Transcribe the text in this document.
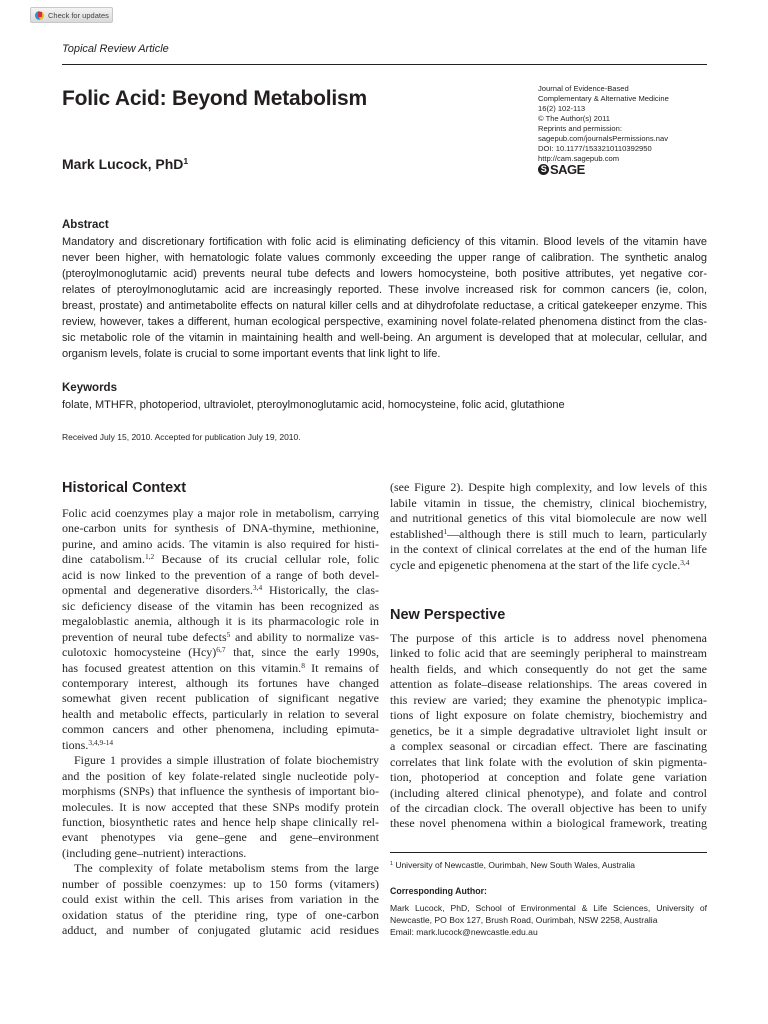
Check for updates
Topical Review Article
Folic Acid: Beyond Metabolism
Mark Lucock, PhD$^1$
Journal of Evidence-Based
Complementary & Alternative Medicine
16(2) 102-113
© The Author(s) 2011
Reprints and permission:
sagepub.com/journalsPermissions.nav
DOI: 10.1177/1533210110392950
http://cam.sagepub.com
S SAGE
Abstract
Mandatory and discretionary fortification with folic acid is eliminating deficiency of this vitamin. Blood levels of the vitamin have
never been higher, with hematologic folate values commonly exceeding the upper range of calibration. The synthetic analog
(pteroylmonoglutamic acid) prevents neural tube defects and lowers homocysteine, both positive attributes, yet negative cor-
relates of pteroylmonoglutamic acid are increasingly reported. These involve increased risk for common cancers (ie, colon,
breast, prostate) and antimetabolite effects on natural killer cells and at dihydrofolate reductase, a critical gatekeeper enzyme. This
review, however, takes a different, human ecological perspective, examining novel folate-related phenomena distinct from the clas-
sic metabolic role of the vitamin in maintaining health and well-being. An argument is developed that at molecular, cellular, and
organism levels, folate is crucial to some important events that link light to life.
Keywords
folate, MTHFR, photoperiod, ultraviolet, pteroylmonoglutamic acid, homocysteine, folic acid, glutathione
Received July 15, 2010. Accepted for publication July 19, 2010.
Historical Context
Folic acid coenzymes play a major role in metabolism, carrying
one-carbon units for synthesis of DNA-thymine, methionine,
purine, and amino acids. The vitamin is also required for histi-
dine catabolism.$^{1,2}$ Because of its crucial cellular role, folic
acid is now linked to the prevention of a range of both devel-
opmental and degenerative disorders.$^{3,4}$ Historically, the clas-
sic deficiency disease of the vitamin has been recognized as
megaloblastic anemia, although it is its pharmacologic role in
prevention of neural tube defects$^5$ and ability to normalize vas-
culotoxic homocysteine (Hcy)$^{6,7}$ that, since the early 1990s,
has focused greatest attention on this vitamin.$^8$ It remains of
contemporary interest, although its fortunes have changed
somewhat given recent publication of significant negative
health and metabolic effects, particularly in relation to several
common cancers and other phenomena, including epimuta-
tions.$^{3,4,9-14}$
Figure 1 provides a simple illustration of folate biochemistry
and the position of key folate-related single nucleotide poly-
morphisms (SNPs) that influence the synthesis of important bio-
molecules. It is now accepted that these SNPs modify protein
function, biosynthetic rates and hence help shape clinically rel-
evant phenotypes via gene–gene and gene–environment
(including gene–nutrient) interactions.
The complexity of folate metabolism stems from the large
number of possible coenzymes: up to 150 forms (vitamers)
could exist within the cell. This arises from variation in the
oxidation status of the pteridine ring, type of one-carbon
adduct, and number of conjugated glutamic acid residues
(see Figure 2). Despite high complexity, and low levels of this
labile vitamin in tissue, the chemistry, clinical biochemistry,
and nutritional genetics of this vital biomolecule are now well
established$^1$—although there is still much to learn, particularly
in the context of clinical correlates at the end of the human life
cycle and epigenetic phenomena at the start of the life cycle.$^{3,4}$
New Perspective
The purpose of this article is to address novel phenomena
linked to folic acid that are seemingly peripheral to mainstream
health fields, and which consequently do not get the same
attention as folate–disease relationships. The areas covered in
this review are varied; they examine the phenotypic implica-
tions of light exposure on folate chemistry, biochemistry and
genetics, be it a simple degradative ultraviolet light insult or
a complex seasonal or circadian effect. There are fascinating
correlates that link folate with the evolution of skin pigmenta-
tion, photoperiod at conception and folate gene variation
(including altered clinical phenotype), and folate and control
of the circadian clock. The overall objective has been to unify
these novel phenomena within a biological framework, treating
$^1$ University of Newcastle, Ourimbah, New South Wales, Australia
Corresponding Author:
Mark Lucock, PhD, School of Environmental & Life Sciences, University of
Newcastle, PO Box 127, Brush Road, Ourimbah, NSW 2258, Australia
Email: mark.lucock@newcastle.edu.au
